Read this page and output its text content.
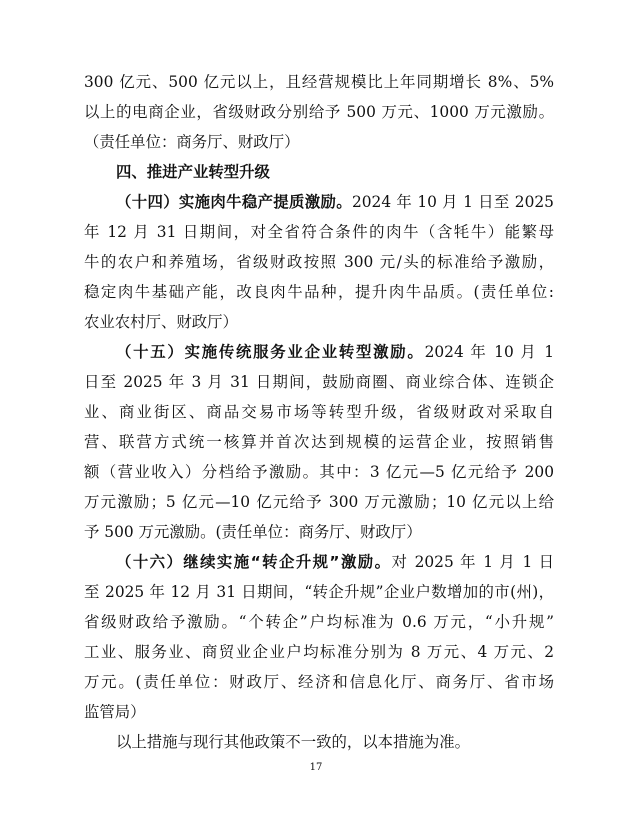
300 亿元、500 亿元以上，且经营规模比上年同期增长 8%、5%
以上的电商企业，省级财政分别给予 500 万元、1000 万元激励。
（责任单位：商务厅、财政厅）
四、推进产业转型升级
（十四）实施肉牛稳产提质激励。2024 年 10 月 1 日至 2025
年 12 月 31 日期间，对全省符合条件的肉牛（含牦牛）能繁母
牛的农户和养殖场，省级财政按照 300 元/头的标准给予激励，
稳定肉牛基础产能，改良肉牛品种，提升肉牛品质。(责任单位:
农业农村厅、财政厅）
（十五）实施传统服务业企业转型激励。2024 年 10 月 1
日至 2025 年 3 月 31 日期间，鼓励商圈、商业综合体、连锁企
业、商业街区、商品交易市场等转型升级，省级财政对采取自
营、联营方式统一核算并首次达到规模的运营企业，按照销售
额（营业收入）分档给予激励。其中：3 亿元—5 亿元给予 200
万元激励；5 亿元—10 亿元给予 300 万元激励；10 亿元以上给
予 500 万元激励。(责任单位：商务厅、财政厅）
（十六）继续实施“转企升规”激励。对 2025 年 1 月 1 日
至 2025 年 12 月 31 日期间，“转企升规”企业户数增加的市(州)，
省级财政给予激励。“个转企”户均标准为 0.6 万元，“小升规”
工业、服务业、商贸业企业户均标准分别为 8 万元、4 万元、2
万元。(责任单位：财政厅、经济和信息化厅、商务厅、省市场
监管局）
以上措施与现行其他政策不一致的，以本措施为准。
17
